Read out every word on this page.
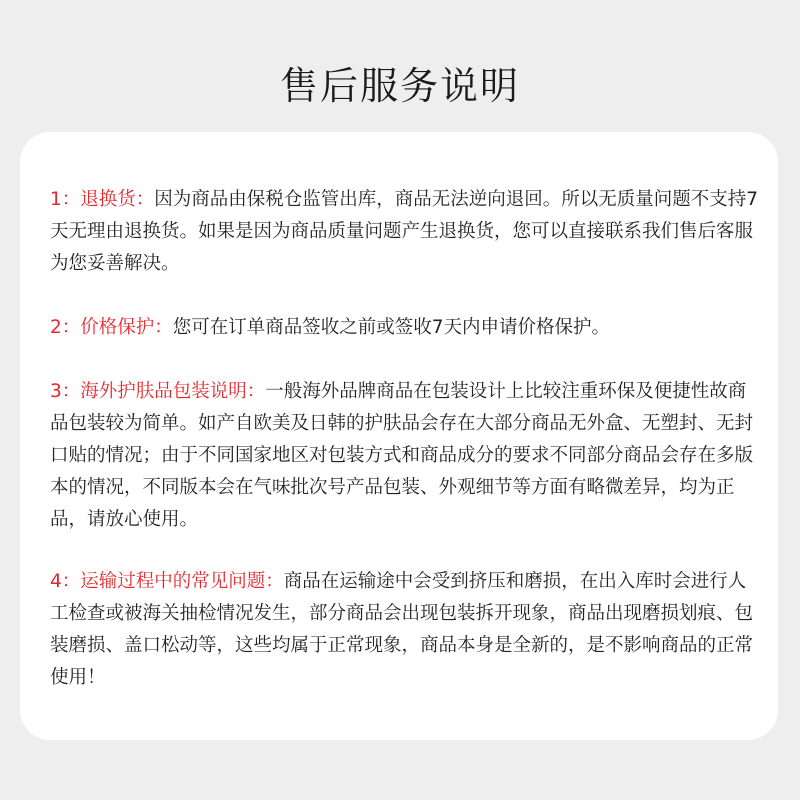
售后服务说明
1：退换货：因为商品由保税仓监管出库，商品无法逆向退回。所以无质量问题不支持7天无理由退换货。如果是因为商品质量问题产生退换货，您可以直接联系我们售后客服为您妥善解决。
2：价格保护：您可在订单商品签收之前或签收7天内申请价格保护。
3：海外护肤品包装说明：一般海外品牌商品在包装设计上比较注重环保及便捷性故商品包装较为简单。如产自欧美及日韩的护肤品会存在大部分商品无外盒、无塑封、无封口贴的情况；由于不同国家地区对包装方式和商品成分的要求不同部分商品会存在多版本的情况，不同版本会在气味批次号产品包装、外观细节等方面有略微差异，均为正品，请放心使用。
4：运输过程中的常见问题：商品在运输途中会受到挤压和磨损，在出入库时会进行人工检查或被海关抽检情况发生，部分商品会出现包装拆开现象，商品出现磨损划痕、包装磨损、盖口松动等，这些均属于正常现象，商品本身是全新的，是不影响商品的正常使用！
